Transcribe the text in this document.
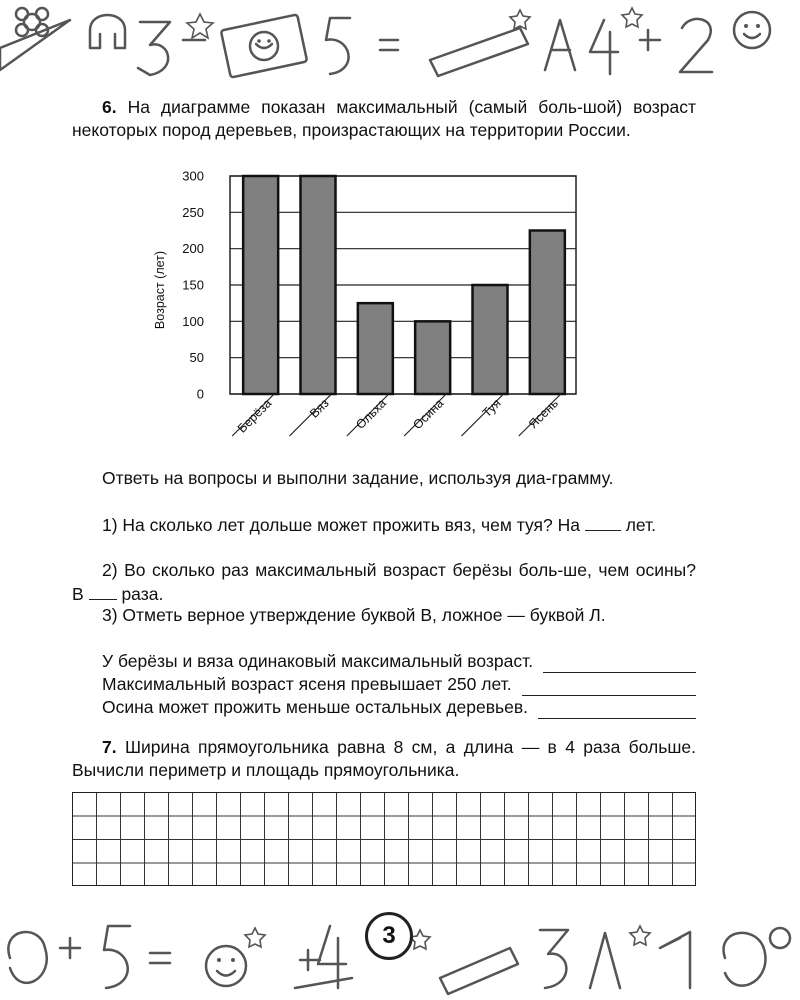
6. На диаграмме показан максимальный (самый боль-шой) возраст некоторых пород деревьев, произрастающих на территории России.

0
50
100
150
200
250
300
Возраст (лет)
Берёза	Вяз Ольха Осина	Туя Ясень

Ответь на вопросы и выполни задание, используя диа-грамму.

1) На сколько лет дольше может прожить вяз, чем туя? На	лет.

2) Во сколько раз максимальный возраст берёзы боль-ше, чем осины? В раза.

3) Отметь верное утверждение буквой В, ложное — буквой Л.

У берёзы и вяза одинаковый максимальный возраст.
Максимальный возраст ясеня превышает 250 лет.
Осина может прожить меньше остальных деревьев.

7. Ширина прямоугольника равна 8 см, а длина — в 4 раза больше. Вычисли периметр и площадь прямоугольника.

3
